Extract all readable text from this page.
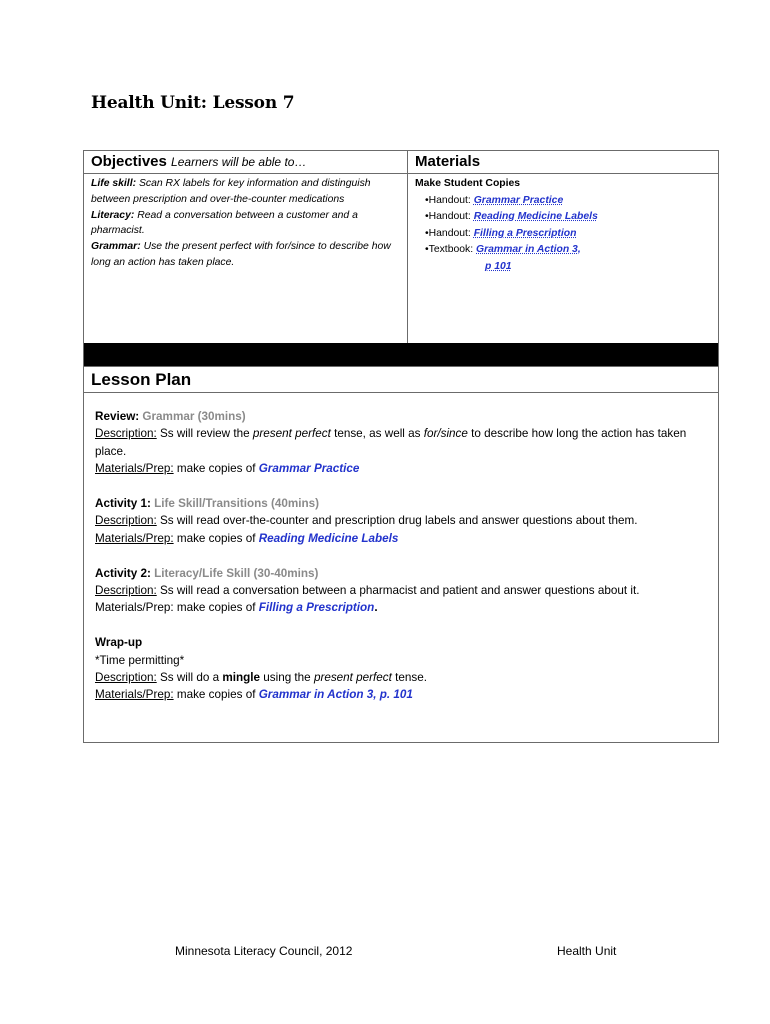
Health Unit: Lesson 7
Objectives Learners will be able to…	Materials
Life skill: Scan RX labels for key information and distinguish between prescription and over-the-counter medications
Literacy: Read a conversation between a customer and a pharmacist.
Grammar: Use the present perfect with for/since to describe how long an action has taken place.
Make Student Copies
•Handout: Grammar Practice
•Handout: Reading Medicine Labels
•Handout: Filling a Prescription
•Textbook: Grammar in Action 3,
p 101
Lesson Plan
Review: Grammar (30mins)
Description: Ss will review the present perfect tense, as well as for/since to describe how long the action has taken place.
Materials/Prep: make copies of Grammar Practice
Activity 1: Life Skill/Transitions (40mins)
Description: Ss will read over-the-counter and prescription drug labels and answer questions about them.
Materials/Prep: make copies of Reading Medicine Labels
Activity 2: Literacy/Life Skill (30-40mins)
Description: Ss will read a conversation between a pharmacist and patient and answer questions about it.
Materials/Prep: make copies of Filling a Prescription.
Wrap-up
*Time permitting*
Description: Ss will do a mingle using the present perfect tense.
Materials/Prep: make copies of Grammar in Action 3, p. 101
Minnesota Literacy Council, 2012	Health Unit
